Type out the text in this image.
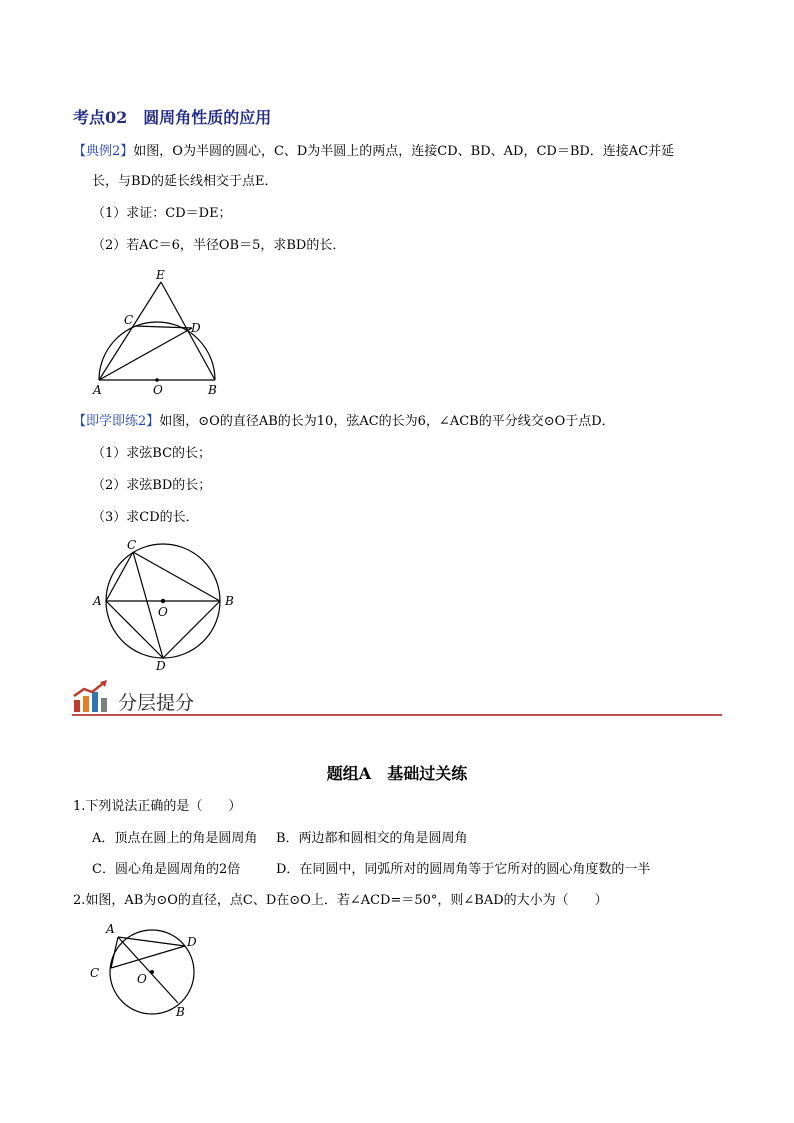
考点02 圆周角性质的应用
【典例2】如图，O为半圆的圆心，C、D为半圆上的两点，连接CD、BD、AD，CD＝BD．连接AC并延
长，与BD的延长线相交于点E．
（1）求证：CD＝DE；
（2）若AC＝6，半径OB＝5，求BD的长．
E
C
D
A	O	B
【即学即练2】如图，⊙O的直径AB的长为10，弦AC的长为6，∠ACB的平分线交⊙O于点D．
（1）求弦BC的长；
（2）求弦BD的长；
（3）求CD的长．
C
A
O
B
D
分层提分
题组A 基础过关练
1.下列说法正确的是（　　）
A．顶点在圆上的角是圆周角 B．两边都和圆相交的角是圆周角
C．圆心角是圆周角的2倍	D．在同圆中，同弧所对的圆周角等于它所对的圆心角度数的一半
2.如图，AB为⊙O的直径，点C、D在⊙O上．若∠ACD=＝50°，则∠BAD的大小为（　　）
A
D
C	O
B
